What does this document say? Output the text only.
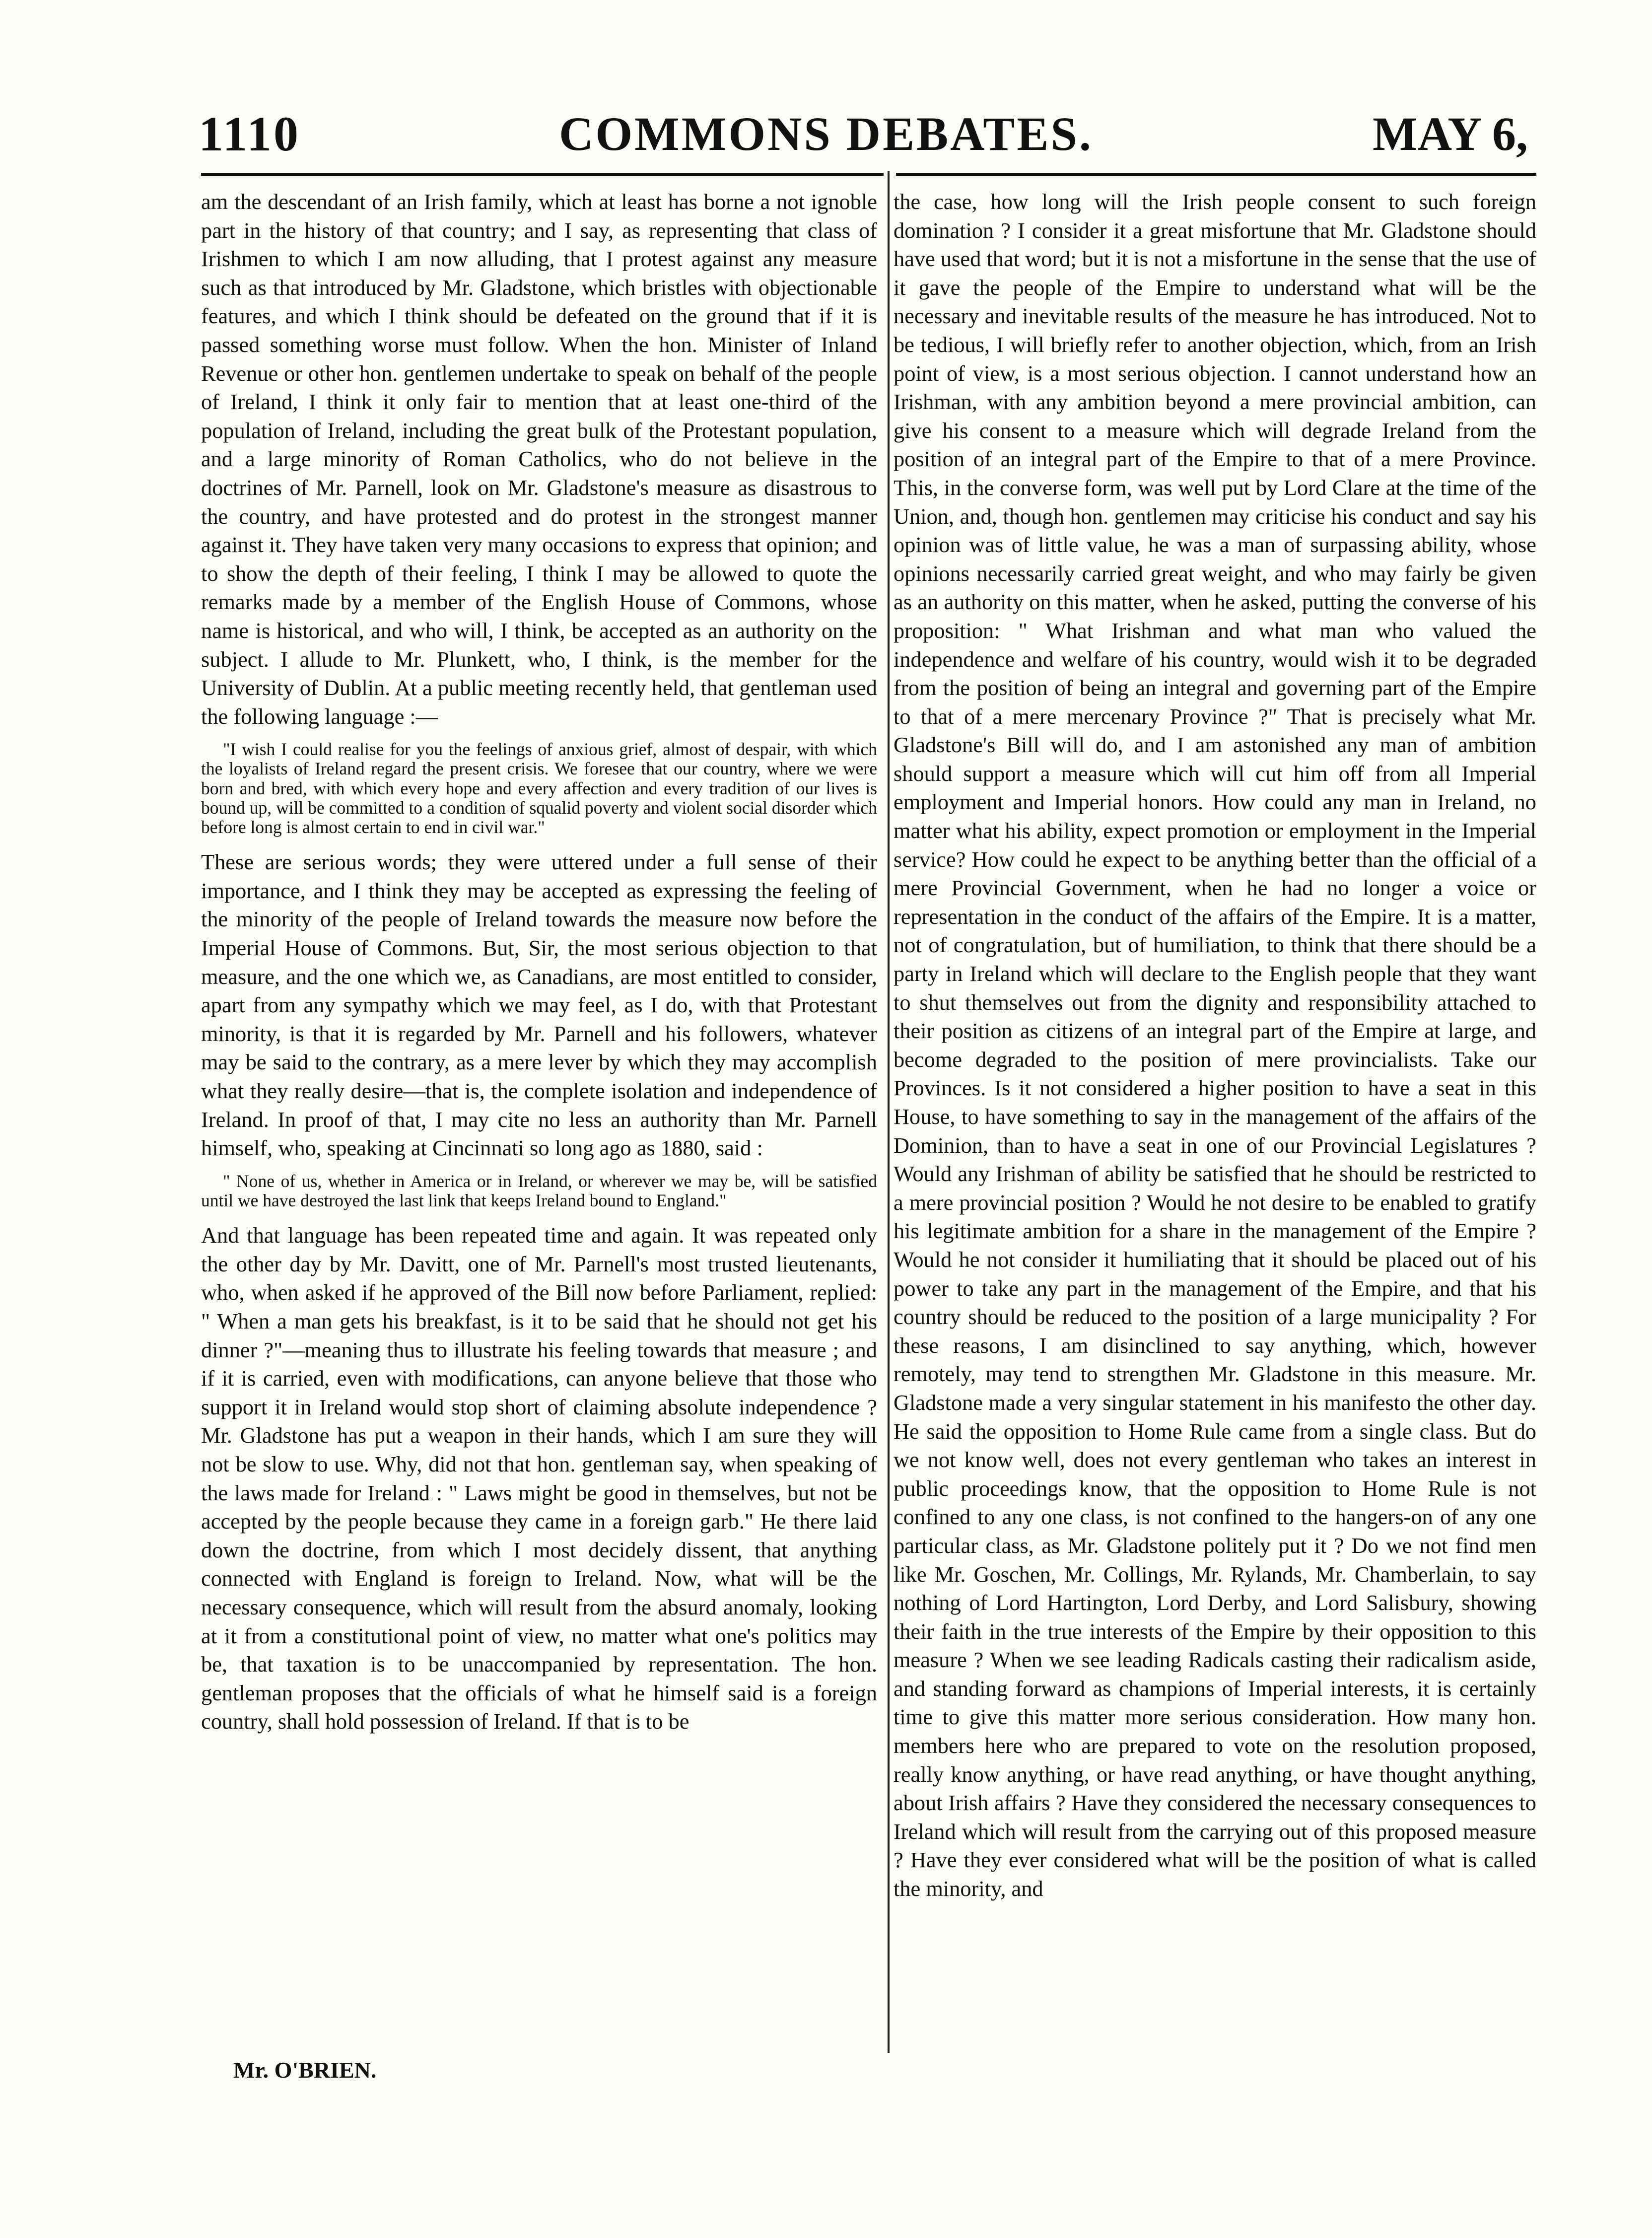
COMMONS DEBATES.
1110	MAY 6,

am the descendant of an Irish family, which at least has borne a not ignoble part in the history of that country; and I say, as representing that class of Irishmen to which I am now alluding, that I protest against any measure such as that introduced by Mr. Gladstone, which bristles with objectionable features, and which I think should be defeated on the ground that if it is passed something worse must follow. When the hon. Minister of Inland Revenue or other hon. gentlemen undertake to speak on behalf of the people of Ireland, I think it only fair to mention that at least one-third of the population of Ireland, including the great bulk of the Protestant population, and a large minority of Roman Catholics, who do not believe in the doctrines of Mr. Parnell, look on Mr. Gladstone's measure as disastrous to the country, and have protested and do protest in the strongest manner against it. They have taken very many occasions to express that opinion; and to show the depth of their feeling, I think I may be allowed to quote the remarks made by a member of the English House of Commons, whose name is historical, and who will, I think, be accepted as an authority on the subject. I allude to Mr. Plunkett, who, I think, is the member for the University of Dublin. At a public meeting recently held, that gentleman used the following language :—

"I wish I could realise for you the feelings of anxious grief, almost of despair, with which the loyalists of Ireland regard the present crisis. We foresee that our country, where we were born and bred, with which every hope and every affection and every tradition of our lives is bound up, will be committed to a condition of squalid poverty and violent social disorder which before long is almost certain to end in civil war."

These are serious words; they were uttered under a full sense of their importance, and I think they may be accepted as expressing the feeling of the minority of the people of Ireland towards the measure now before the Imperial House of Commons. But, Sir, the most serious objection to that measure, and the one which we, as Canadians, are most entitled to consider, apart from any sympathy which we may feel, as I do, with that Protestant minority, is that it is regarded by Mr. Parnell and his followers, whatever may be said to the contrary, as a mere lever by which they may accomplish what they really desire—that is, the complete isolation and independence of Ireland. In proof of that, I may cite no less an authority than Mr. Parnell himself, who, speaking at Cincinnati so long ago as 1880, said :

" None of us, whether in America or in Ireland, or wherever we may be, will be satisfied until we have destroyed the last link that keeps Ireland bound to England."

And that language has been repeated time and again. It was repeated only the other day by Mr. Davitt, one of Mr. Parnell's most trusted lieutenants, who, when asked if he approved of the Bill now before Parliament, replied: " When a man gets his breakfast, is it to be said that he should not get his dinner ?"—meaning thus to illustrate his feeling towards that measure ; and if it is carried, even with modifications, can anyone believe that those who support it in Ireland would stop short of claiming absolute independence ? Mr. Gladstone has put a weapon in their hands, which I am sure they will not be slow to use. Why, did not that hon. gentleman say, when speaking of the laws made for Ireland : " Laws might be good in themselves, but not be accepted by the people because they came in a foreign garb." He there laid down the doctrine, from which I most decidely dissent, that anything connected with England is foreign to Ireland. Now, what will be the necessary consequence, which will result from the absurd anomaly, looking at it from a constitutional point of view, no matter what one's politics may be, that taxation is to be unaccompanied by representation. The hon. gentleman proposes that the officials of what he himself said is a foreign country, shall hold possession of Ireland. If that is to be

the case, how long will the Irish people consent to such foreign domination ? I consider it a great misfortune that Mr. Gladstone should have used that word; but it is not a misfortune in the sense that the use of it gave the people of the Empire to understand what will be the necessary and inevitable results of the measure he has introduced. Not to be tedious, I will briefly refer to another objection, which, from an Irish point of view, is a most serious objection. I cannot understand how an Irishman, with any ambition beyond a mere provincial ambition, can give his consent to a measure which will degrade Ireland from the position of an integral part of the Empire to that of a mere Province. This, in the converse form, was well put by Lord Clare at the time of the Union, and, though hon. gentlemen may criticise his conduct and say his opinion was of little value, he was a man of surpassing ability, whose opinions necessarily carried great weight, and who may fairly be given as an authority on this matter, when he asked, putting the converse of his proposition: " What Irishman and what man who valued the independence and welfare of his country, would wish it to be degraded from the position of being an integral and governing part of the Empire to that of a mere mercenary Province ?" That is precisely what Mr. Gladstone's Bill will do, and I am astonished any man of ambition should support a measure which will cut him off from all Imperial employment and Imperial honors. How could any man in Ireland, no matter what his ability, expect promotion or employment in the Imperial service? How could he expect to be anything better than the official of a mere Provincial Government, when he had no longer a voice or representation in the conduct of the affairs of the Empire. It is a matter, not of congratulation, but of humiliation, to think that there should be a party in Ireland which will declare to the English people that they want to shut themselves out from the dignity and responsibility attached to their position as citizens of an integral part of the Empire at large, and become degraded to the position of mere provincialists. Take our Provinces. Is it not considered a higher position to have a seat in this House, to have something to say in the management of the affairs of the Dominion, than to have a seat in one of our Provincial Legislatures ? Would any Irishman of ability be satisfied that he should be restricted to a mere provincial position ? Would he not desire to be enabled to gratify his legitimate ambition for a share in the management of the Empire ? Would he not consider it humiliating that it should be placed out of his power to take any part in the management of the Empire, and that his country should be reduced to the position of a large municipality ? For these reasons, I am disinclined to say anything, which, however remotely, may tend to strengthen Mr. Gladstone in this measure. Mr. Gladstone made a very singular statement in his manifesto the other day. He said the opposition to Home Rule came from a single class. But do we not know well, does not every gentleman who takes an interest in public proceedings know, that the opposition to Home Rule is not confined to any one class, is not confined to the hangers-on of any one particular class, as Mr. Gladstone politely put it ? Do we not find men like Mr. Goschen, Mr. Collings, Mr. Rylands, Mr. Chamberlain, to say nothing of Lord Hartington, Lord Derby, and Lord Salisbury, showing their faith in the true interests of the Empire by their opposition to this measure ? When we see leading Radicals casting their radicalism aside, and standing forward as champions of Imperial interests, it is certainly time to give this matter more serious consideration. How many hon. members here who are prepared to vote on the resolution proposed, really know anything, or have read anything, or have thought anything, about Irish affairs ? Have they considered the necessary consequences to Ireland which will result from the carrying out of this proposed measure ? Have they ever considered what will be the position of what is called the minority, and

Mr. O'BRIEN.
